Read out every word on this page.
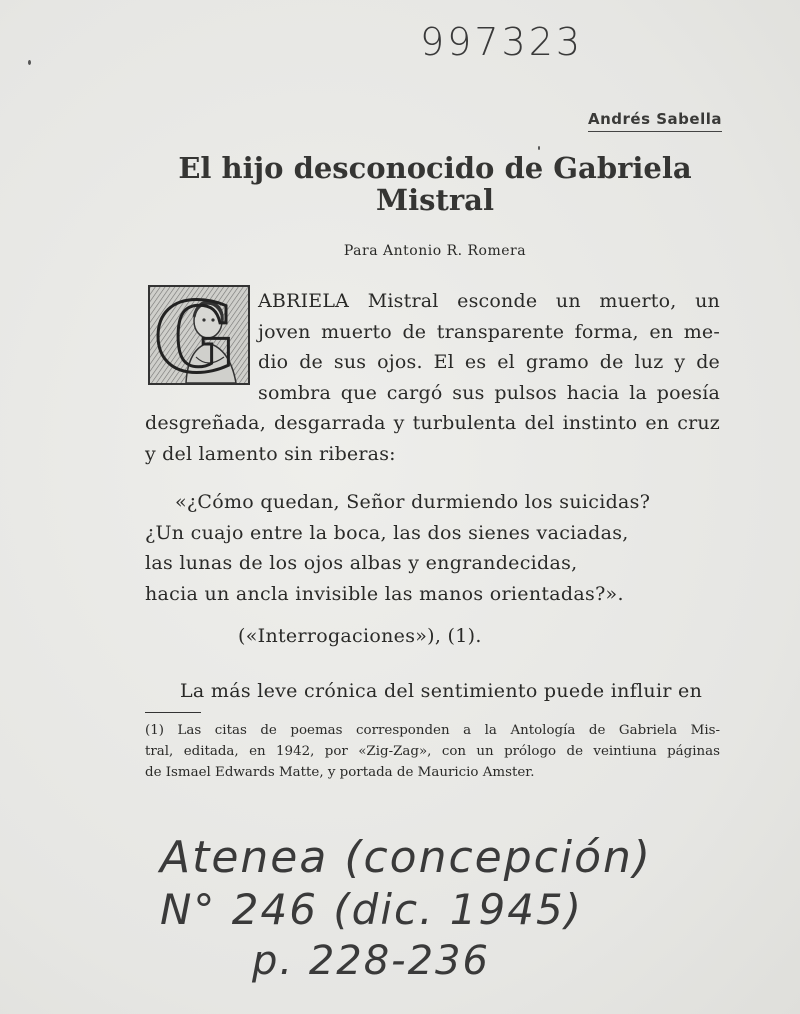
997323
Andrés Sabella
El hijo desconocido de Gabriela
Mistral
Para Antonio R. Romera
G ABRIELA Mistral esconde un muerto, un
joven muerto de transparente forma, en me-
dio de sus ojos. El es el gramo de luz y de
sombra que cargó sus pulsos hacia la poesía
desgreñada, desgarrada y turbulenta del instinto en cruz
y del lamento sin riberas:
«¿Cómo quedan, Señor durmiendo los suicidas?
¿Un cuajo entre la boca, las dos sienes vaciadas,
las lunas de los ojos albas y engrandecidas,
hacia un ancla invisible las manos orientadas?».
(«Interrogaciones»), (1).
La más leve crónica del sentimiento puede influir en
(1) Las citas de poemas corresponden a la Antología de Gabriela Mis-
tral, editada, en 1942, por «Zig-Zag», con un prólogo de veintiuna páginas
de Ismael Edwards Matte, y portada de Mauricio Amster.
Atenea (concepción)
N° 246 (dic. 1945)
p. 228-236
